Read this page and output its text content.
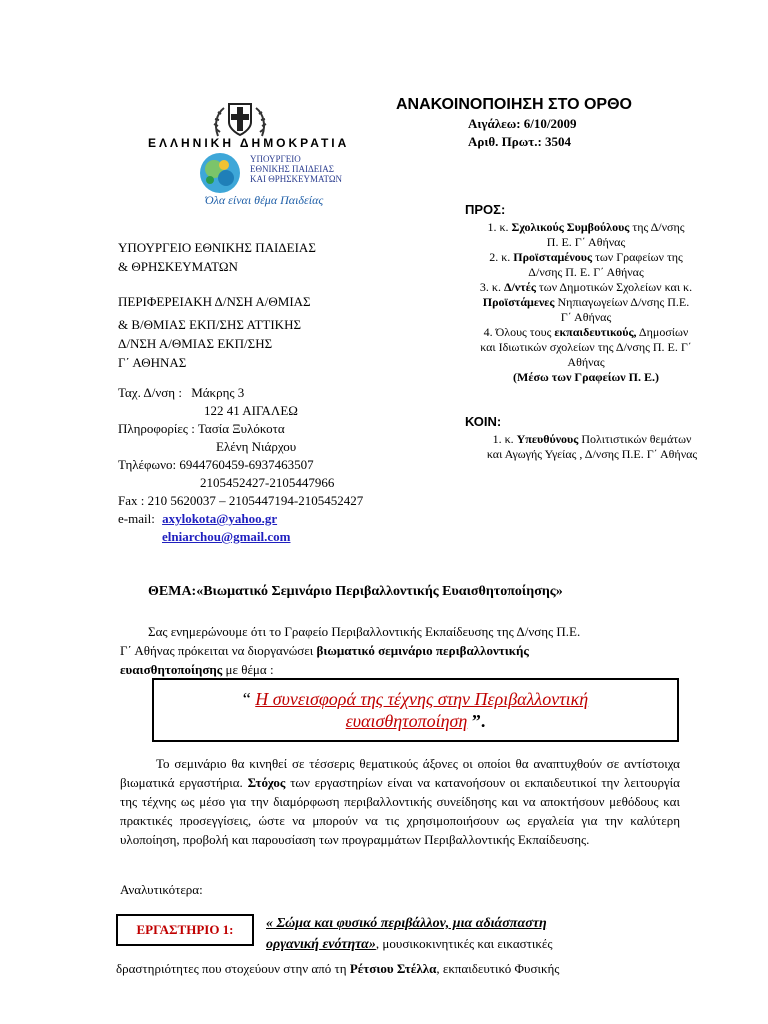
ΕΛΛΗΝΙΚΗ ΔΗΜΟΚΡΑΤΙΑ
ΥΠΟΥΡΓΕΙΟ
ΕΘΝΙΚΗΣ ΠΑΙΔΕΙΑΣ
ΚΑΙ ΘΡΗΣΚΕΥΜΑΤΩΝ
Όλα είναι θέμα Παιδείας
ΑΝΑΚΟΙΝΟΠΟΙΗΣΗ ΣΤΟ ΟΡΘΟ
Αιγάλεω: 6/10/2009
Αριθ. Πρωτ.: 3504
ΥΠΟΥΡΓΕΙΟ ΕΘΝΙΚΗΣ ΠΑΙΔΕΙΑΣ
& ΘΡΗΣΚΕΥΜΑΤΩΝ
ΠΕΡΙΦΕΡΕΙΑΚΗ Δ/ΝΣΗ Α/ΘΜΙΑΣ
& Β/ΘΜΙΑΣ ΕΚΠ/ΣΗΣ ΑΤΤΙΚΗΣ
Δ/ΝΣΗ Α/ΘΜΙΑΣ ΕΚΠ/ΣΗΣ
Γ΄ ΑΘΗΝΑΣ
Ταχ. Δ/νση : Μάκρης 3
122 41 ΑΙΓΑΛΕΩ
Πληροφορίες : Τασία Ξυλόκοτα
Ελένη Νιάρχου
Τηλέφωνο: 6944760459-6937463507
2105452427-2105447966
Fax : 210 5620037 – 2105447194-2105452427
e-mail: axylokota@yahoo.gr
elniarchou@gmail.com
ΠΡΟΣ:
1. κ. Σχολικούς Συμβούλους της Δ/νσης
Π. Ε. Γ΄ Αθήνας
2. κ. Προϊσταμένους των Γραφείων της
Δ/νσης Π. Ε. Γ΄ Αθήνας
3. κ. Δ/ντές των Δημοτικών Σχολείων και κ.
Προϊστάμενες Νηπιαγωγείων Δ/νσης Π.Ε.
Γ΄ Αθήνας
4. Όλους τους εκπαιδευτικούς, Δημοσίων
και Ιδιωτικών σχολείων της Δ/νσης Π. Ε. Γ΄
Αθήνας
(Μέσω των Γραφείων Π. Ε.)
ΚΟΙΝ:
1. κ. Υπευθύνους Πολιτιστικών θεμάτων
και Αγωγής Υγείας , Δ/νσης Π.Ε. Γ΄ Αθήνας
ΘΕΜΑ:«Βιωματικό Σεμινάριο Περιβαλλοντικής Ευαισθητοποίησης»
Σας ενημερώνουμε ότι το Γραφείο Περιβαλλοντικής Εκπαίδευσης της Δ/νσης Π.Ε.
Γ΄ Αθήνας πρόκειται να διοργανώσει βιωματικό σεμινάριο περιβαλλοντικής
ευαισθητοποίησης με θέμα :
“ Η συνεισφορά της τέχνης στην Περιβαλλοντική
ευαισθητοποίηση ”.
Το σεμινάριο θα κινηθεί σε τέσσερις θεματικούς άξονες οι οποίοι θα αναπτυχθούν σε αντίστοιχα βιωματικά εργαστήρια. Στόχος των εργαστηρίων είναι να κατανοήσουν οι εκπαιδευτικοί την λειτουργία της τέχνης ως μέσο για την διαμόρφωση περιβαλλοντικής συνείδησης και να αποκτήσουν μεθόδους και πρακτικές προσεγγίσεις, ώστε να μπορούν να τις χρησιμοποιήσουν ως εργαλεία για την καλύτερη υλοποίηση, προβολή και παρουσίαση των προγραμμάτων Περιβαλλοντικής Εκπαίδευσης.
Αναλυτικότερα:
ΕΡΓΑΣΤΗΡΙΟ 1:	« Σώμα και φυσικό περιβάλλον, μια αδιάσπαστη
οργανική ενότητα», μουσικοκινητικές και εικαστικές
δραστηριότητες που στοχεύουν στην από τη Ρέτσιου Στέλλα, εκπαιδευτικό Φυσικής
